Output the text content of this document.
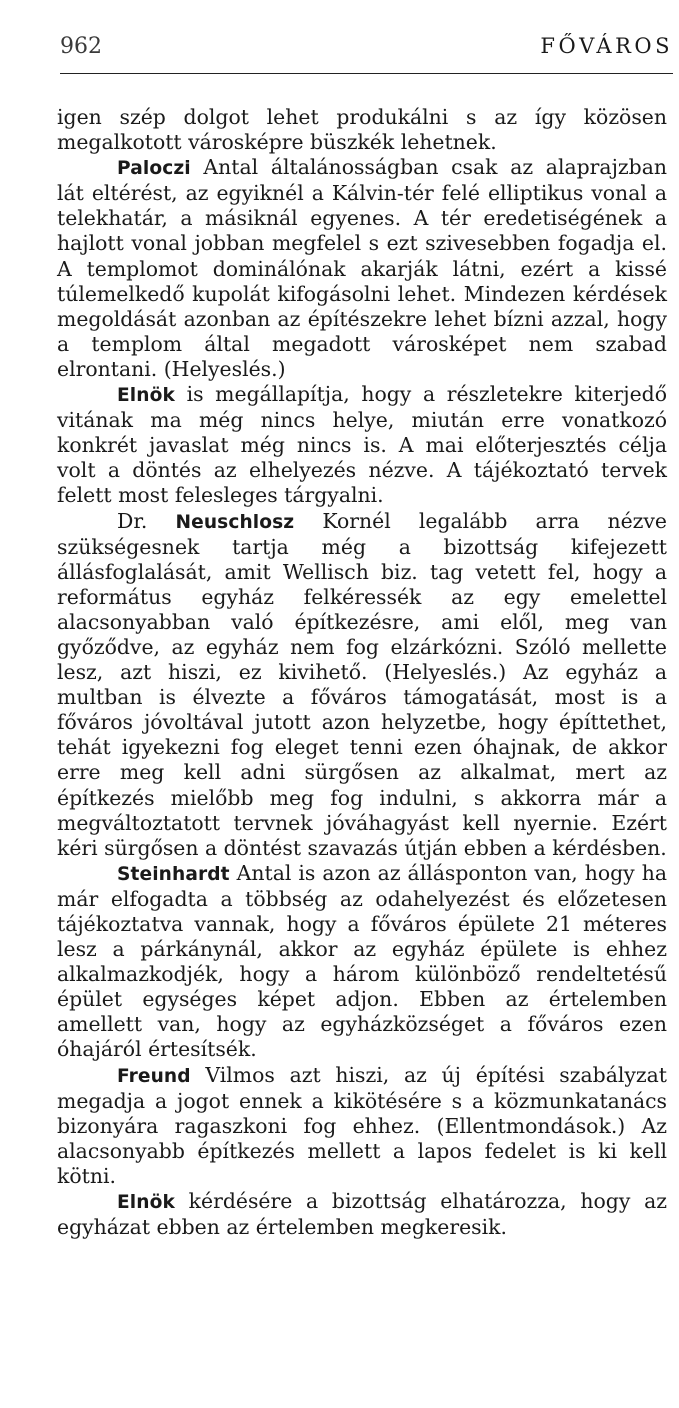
962	FŐVÁROS

igen szép dolgot lehet produkálni s az így közösen megalkotott városképre büszkék lehetnek.

Paloczi Antal általánosságban csak az alaprajzban lát eltérést, az egyiknél a Kálvin-tér felé elliptikus vonal a telekhatár, a másiknál egyenes. A tér eredetiségének a hajlott vonal jobban megfelel s ezt szivesebben fogadja el. A templomot dominálónak akarják látni, ezért a kissé túlemelkedő kupolát kifogásolni lehet. Mindezen kérdések megoldását azonban az építészekre lehet bízni azzal, hogy a templom által megadott városképet nem szabad elrontani. (Helyeslés.)

Elnök is megállapítja, hogy a részletekre kiterjedő vitának ma még nincs helye, miután erre vonatkozó konkrét javaslat még nincs is. A mai előterjesztés célja volt a döntés az elhelyezés nézve. A tájékoztató tervek felett most felesleges tárgyalni.

Dr. Neuschlosz Kornél legalább arra nézve szükségesnek tartja még a bizottság kifejezett állásfoglalását, amit Wellisch biz. tag vetett fel, hogy a református egyház felkéressék az egy emelettel alacsonyabban való építkezésre, ami elől, meg van győződve, az egyház nem fog elzárkózni. Szóló mellette lesz, azt hiszi, ez kivihető. (Helyeslés.) Az egyház a multban is élvezte a főváros támogatását, most is a főváros jóvoltával jutott azon helyzetbe, hogy építtethet, tehát igyekezni fog eleget tenni ezen óhajnak, de akkor erre meg kell adni sürgősen az alkalmat, mert az építkezés mielőbb meg fog indulni, s akkorra már a megváltoztatott tervnek jóváhagyást kell nyernie. Ezért kéri sürgősen a döntést szavazás útján ebben a kérdésben.

Steinhardt Antal is azon az állásponton van, hogy ha már elfogadta a többség az odahelyezést és előzetesen tájékoztatva vannak, hogy a főváros épülete 21 méteres lesz a párkánynál, akkor az egyház épülete is ehhez alkalmazkodjék, hogy a három különböző rendeltetésű épület egységes képet adjon. Ebben az értelemben amellett van, hogy az egyházközséget a főváros ezen óhajáról értesítsék.

Freund Vilmos azt hiszi, az új építési szabályzat megadja a jogot ennek a kikötésére s a közmunkatanács bizonyára ragaszkoni fog ehhez. (Ellentmondások.) Az alacsonyabb építkezés mellett a lapos fedelet is ki kell kötni.

Elnök kérdésére a bizottság elhatározza, hogy az egyházat ebben az értelemben megkeresik.
